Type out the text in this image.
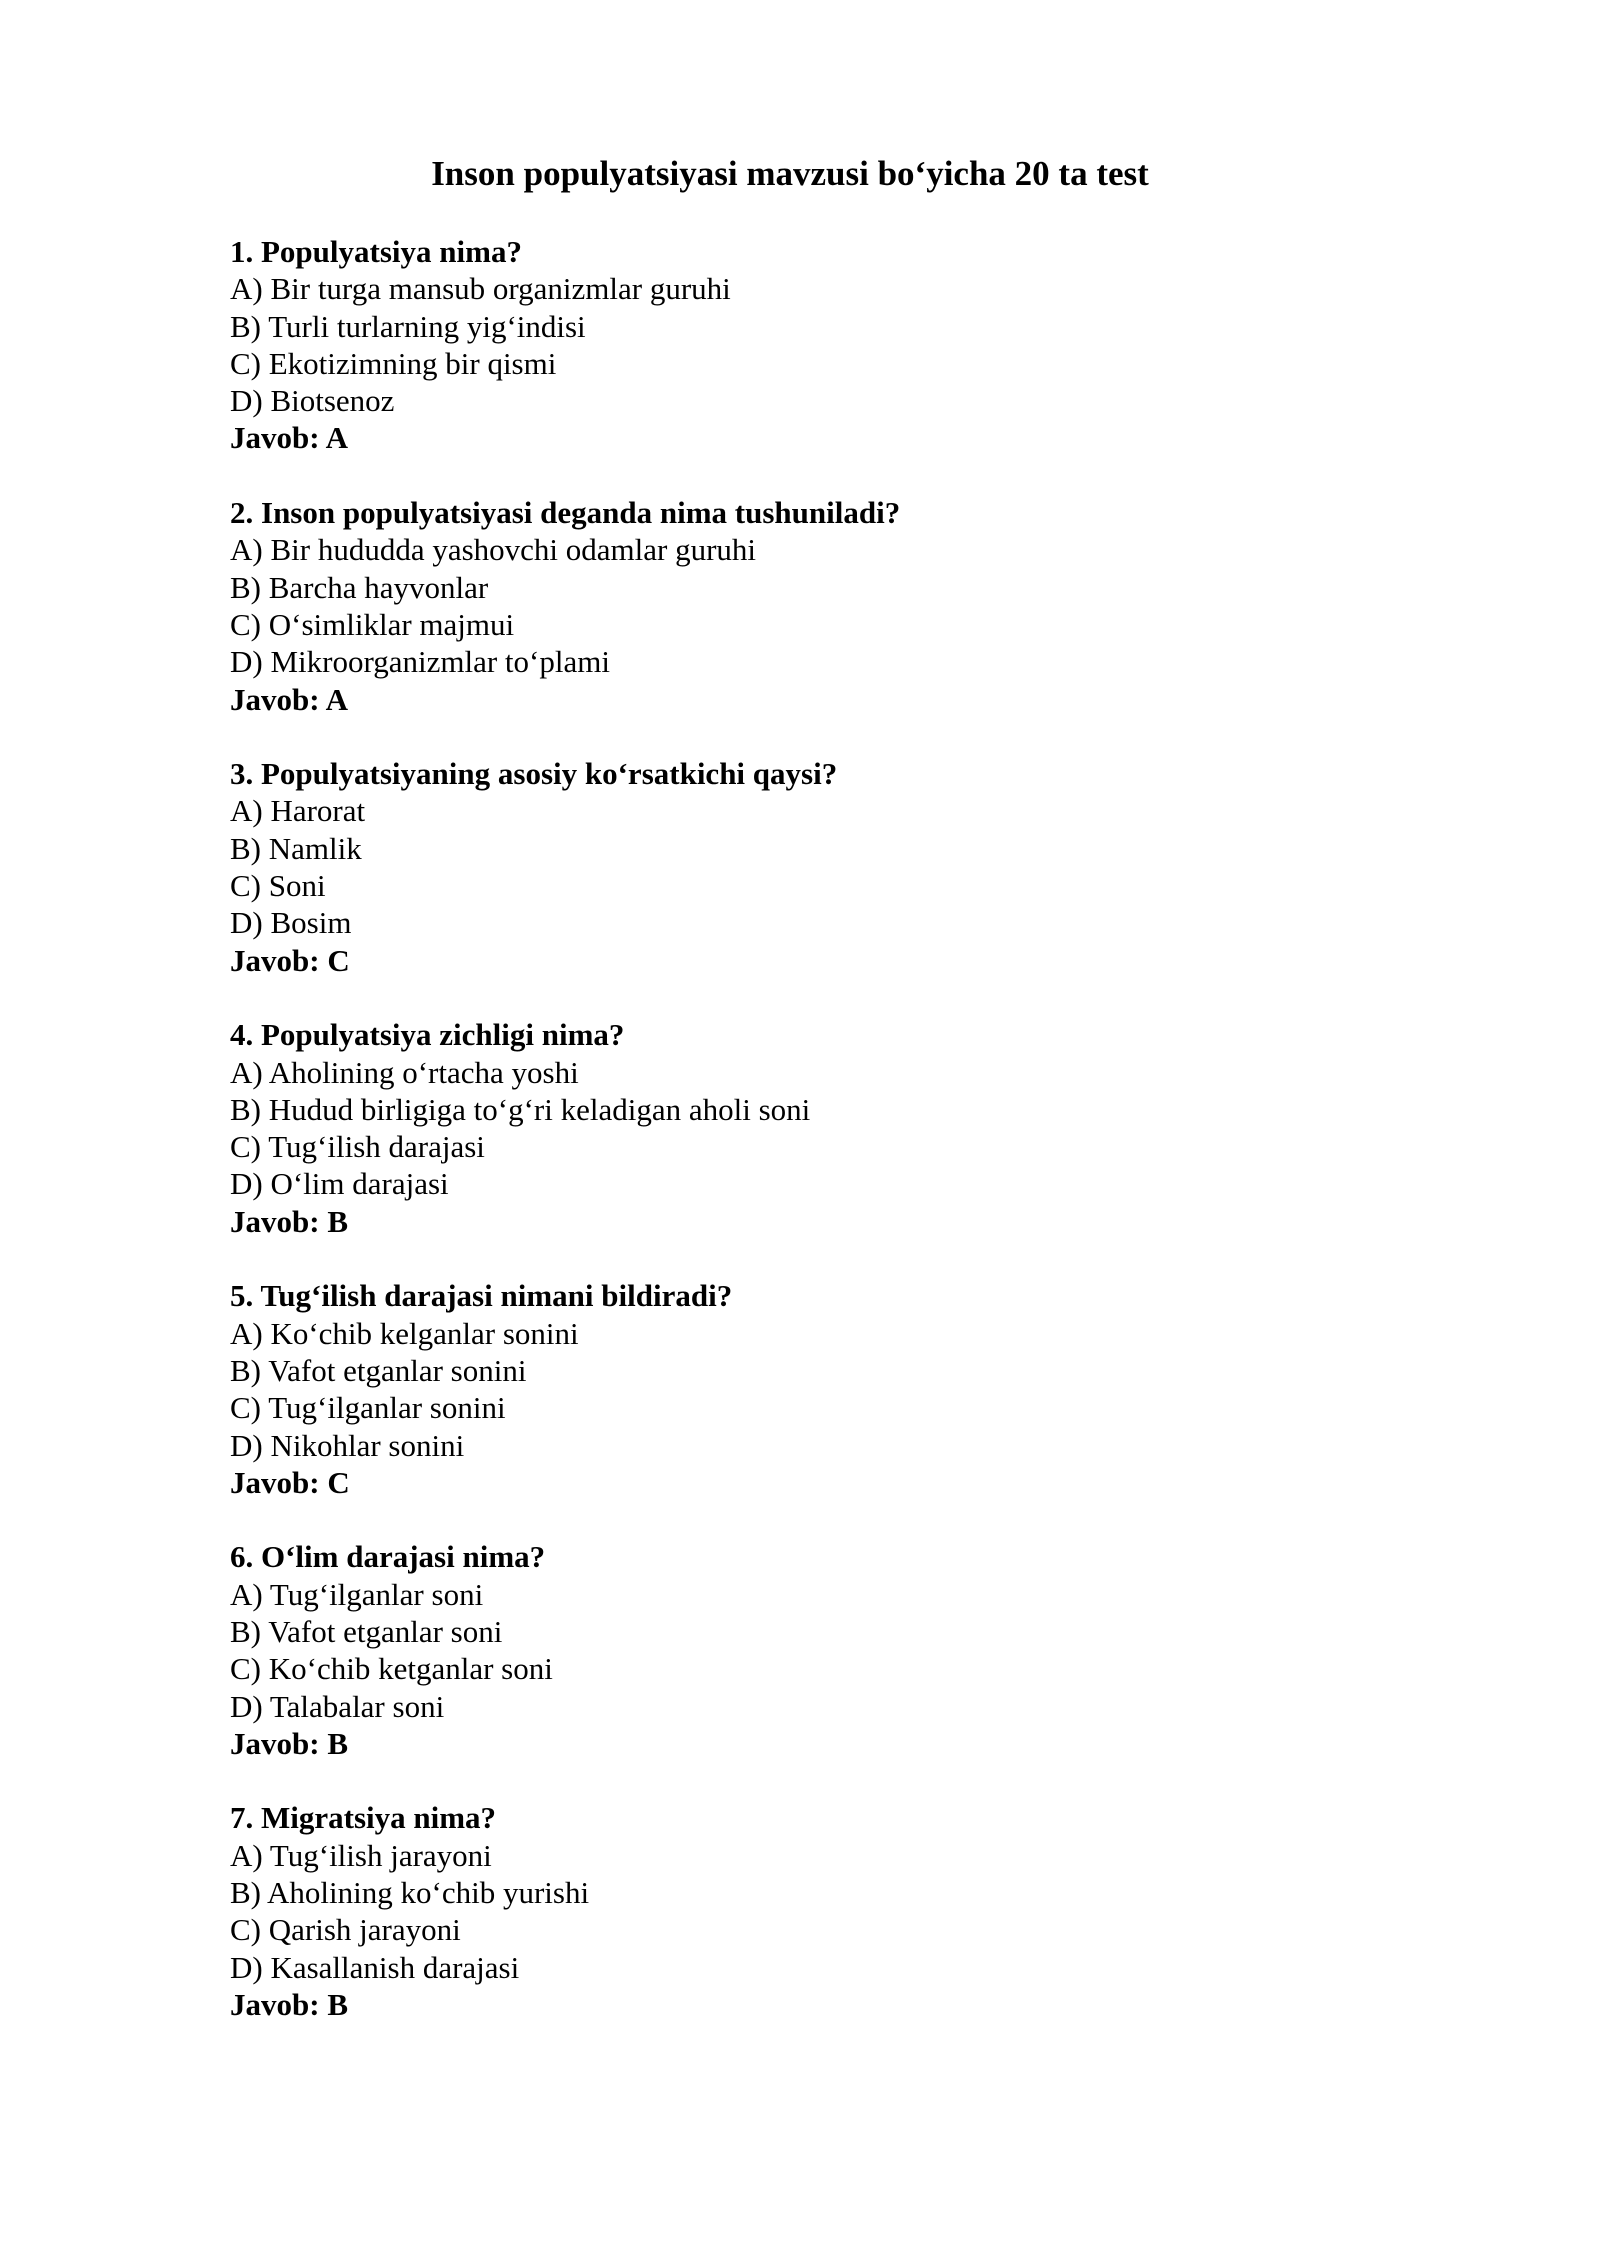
Inson populyatsiyasi mavzusi bo‘yicha 20 ta test
1. Populyatsiya nima?
A) Bir turga mansub organizmlar guruhi
B) Turli turlarning yig‘indisi
C) Ekotizimning bir qismi
D) Biotsenoz
Javob: A
2. Inson populyatsiyasi deganda nima tushuniladi?
A) Bir hududda yashovchi odamlar guruhi
B) Barcha hayvonlar
C) O‘simliklar majmui
D) Mikroorganizmlar to‘plami
Javob: A
3. Populyatsiyaning asosiy ko‘rsatkichi qaysi?
A) Harorat
B) Namlik
C) Soni
D) Bosim
Javob: C
4. Populyatsiya zichligi nima?
A) Aholining o‘rtacha yoshi
B) Hudud birligiga to‘g‘ri keladigan aholi soni
C) Tug‘ilish darajasi
D) O‘lim darajasi
Javob: B
5. Tug‘ilish darajasi nimani bildiradi?
A) Ko‘chib kelganlar sonini
B) Vafot etganlar sonini
C) Tug‘ilganlar sonini
D) Nikohlar sonini
Javob: C
6. O‘lim darajasi nima?
A) Tug‘ilganlar soni
B) Vafot etganlar soni
C) Ko‘chib ketganlar soni
D) Talabalar soni
Javob: B
7. Migratsiya nima?
A) Tug‘ilish jarayoni
B) Aholining ko‘chib yurishi
C) Qarish jarayoni
D) Kasallanish darajasi
Javob: B
